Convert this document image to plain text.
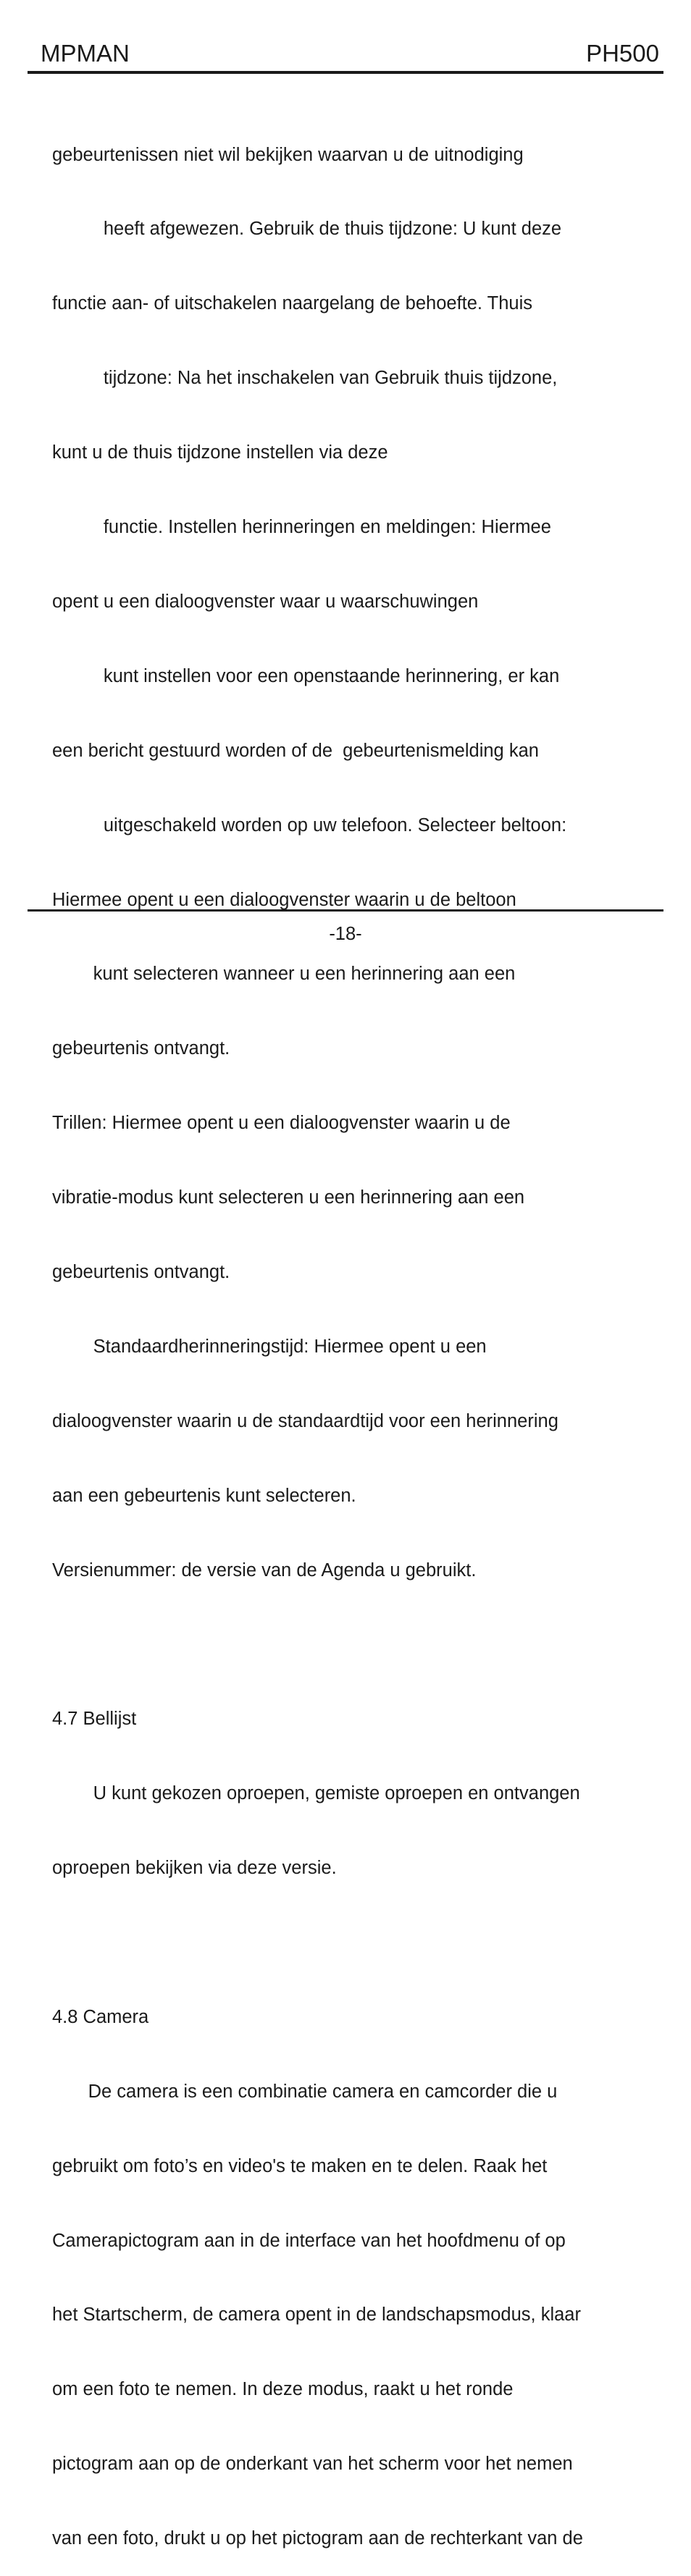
MPMAN	PH500

gebeurtenissen niet wil bekijken waarvan u de uitnodiging

heeft afgewezen. Gebruik de thuis tijdzone: U kunt deze

functie aan- of uitschakelen naargelang de behoefte. Thuis

tijdzone: Na het inschakelen van Gebruik thuis tijdzone,

kunt u de thuis tijdzone instellen via deze

functie. Instellen herinneringen en meldingen: Hiermee

opent u een dialoogvenster waar u waarschuwingen

kunt instellen voor een openstaande herinnering, er kan

een bericht gestuurd worden of de  gebeurtenismelding kan

uitgeschakeld worden op uw telefoon. Selecteer beltoon:

Hiermee opent u een dialoogvenster waarin u de beltoon

kunt selecteren wanneer u een herinnering aan een

gebeurtenis ontvangt.

Trillen: Hiermee opent u een dialoogvenster waarin u de

vibratie-modus kunt selecteren u een herinnering aan een

gebeurtenis ontvangt.

Standaardherinneringstijd: Hiermee opent u een

dialoogvenster waarin u de standaardtijd voor een herinnering

aan een gebeurtenis kunt selecteren.

Versienummer: de versie van de Agenda u gebruikt.

4.7 Bellijst

U kunt gekozen oproepen, gemiste oproepen en ontvangen

oproepen bekijken via deze versie.

4.8 Camera

De camera is een combinatie camera en camcorder die u

gebruikt om foto’s en video's te maken en te delen. Raak het

Camerapictogram aan in de interface van het hoofdmenu of op

het Startscherm, de camera opent in de landschapsmodus, klaar

om een foto te nemen. In deze modus, raakt u het ronde

pictogram aan op de onderkant van het scherm voor het nemen

van een foto, drukt u op het pictogram aan de rechterkant van de

-18-
